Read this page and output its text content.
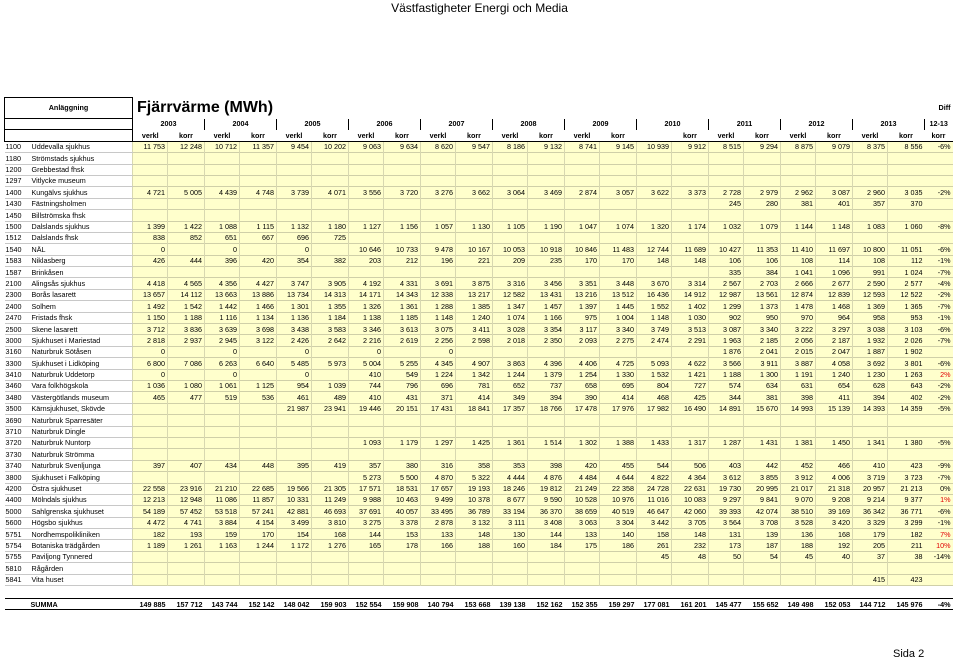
Västfastigheter Energi och Media
Anläggning		Fjärrvärme (MWh)																						Diff
		2003		2004		2005		2006		2007		2008		2009		2010		2011		2012		2013		12-13
		verkl	korr	verkl	korr	verkl	korr	verkl	korr	verkl	korr	verkl	korr	verkl	korr		korr	verkl	korr	verkl	korr	verkl	korr	korr
1100	Uddevalla sjukhus	11 753	12 248	10 712	11 357	9 454	10 202	9 063	9 634	8 620	9 547	8 186	9 132	8 741	9 145	10 939	9 912	8 515	9 294	8 875	9 079	8 375	8 556	-6%
1180	Strömstads sjukhus																							
1200	Grebbestad fhsk																							
1297	Vitlycke museum																							
1400	Kungälvs sjukhus	4 721	5 005	4 439	4 748	3 739	4 071	3 556	3 720	3 276	3 662	3 064	3 469	2 874	3 057	3 622	3 373	2 728	2 979	2 962	3 087	2 960	3 035	-2%
1430	Fästningsholmen																	245	280	381	401	357	370	
1450	Billströmska fhsk																							
1500	Dalslands sjukhus	1 399	1 422	1 088	1 115	1 132	1 180	1 127	1 156	1 057	1 130	1 105	1 190	1 047	1 074	1 320	1 174	1 032	1 079	1 144	1 148	1 083	1 060	-8%
1512	Dalslands fhsk	838	852	651	667	696	725																	
1540	NÄL	0		0		0		10 646	10 733	9 478	10 167	10 053	10 918	10 846	11 483	12 744	11 689	10 427	11 353	11 410	11 697	10 800	11 051	-6%
1583	Niklasberg	426	444	396	420	354	382	203	212	196	221	209	235	170	170	148	148	106	106	108	114	108	112	-1%
1587	Brinkåsen																	335	384	1 041	1 096	991	1 024	-7%
2100	Alingsås sjukhus	4 418	4 565	4 356	4 427	3 747	3 905	4 192	4 331	3 691	3 875	3 316	3 456	3 351	3 448	3 670	3 314	2 567	2 703	2 666	2 677	2 590	2 577	-4%
2300	Borås lasarett	13 657	14 112	13 663	13 886	13 734	14 313	14 171	14 343	12 338	13 217	12 582	13 431	13 216	13 512	16 436	14 912	12 987	13 561	12 874	12 839	12 593	12 522	-2%
2400	Solhem	1 492	1 542	1 442	1 466	1 301	1 355	1 326	1 361	1 288	1 385	1 347	1 457	1 397	1 445	1 552	1 402	1 299	1 373	1 478	1 468	1 369	1 365	-7%
2470	Fristads fhsk	1 150	1 188	1 116	1 134	1 136	1 184	1 138	1 185	1 148	1 240	1 074	1 166	975	1 004	1 148	1 030	902	950	970	964	958	953	-1%
2500	Skene lasarett	3 712	3 836	3 639	3 698	3 438	3 583	3 346	3 613	3 075	3 411	3 028	3 354	3 117	3 340	3 749	3 513	3 087	3 340	3 222	3 297	3 038	3 103	-6%
3000	Sjukhuset i Mariestad	2 818	2 937	2 945	3 122	2 426	2 642	2 216	2 619	2 256	2 598	2 018	2 350	2 093	2 275	2 474	2 291	1 963	2 185	2 056	2 187	1 932	2 026	-7%
3160	Naturbruk Sötåsen	0		0		0		0		0								1 876	2 041	2 015	2 047	1 887	1 902	
3300	Sjukhuset i Lidköping	6 800	7 086	6 263	6 640	5 485	5 973	5 004	5 255	4 345	4 907	3 863	4 396	4 406	4 725	5 093	4 622	3 566	3 911	3 887	4 058	3 692	3 801	-6%
3410	Naturbruk Uddetorp	0		0		0		410	549	1 224	1 342	1 244	1 379	1 254	1 330	1 532	1 421	1 188	1 300	1 191	1 240	1 230	1 263	2%
3460	Vara folkhögskola	1 036	1 080	1 061	1 125	954	1 039	744	796	696	781	652	737	658	695	804	727	574	634	631	654	628	643	-2%
3480	Västergötlands museum	465	477	519	536	461	489	410	431	371	414	349	394	390	414	468	425	344	381	398	411	394	402	-2%
3500	Kärnsjukhuset, Skövde					21 987	23 941	19 446	20 151	17 431	18 841	17 357	18 766	17 478	17 976	17 982	16 490	14 891	15 670	14 993	15 139	14 393	14 359	-5%
3690	Naturbruk Sparresäter																							
3710	Naturbruk Dingle																							
3720	Naturbruk Nuntorp							1 093	1 179	1 297	1 425	1 361	1 514	1 302	1 388	1 433	1 317	1 287	1 431	1 381	1 450	1 341	1 380	-5%
3730	Naturbruk Strömma																							
3740	Naturbruk Svenljunga	397	407	434	448	395	419	357	380	316	358	353	398	420	455	544	506	403	442	452	466	410	423	-9%
3800	Sjukhuset i Falköping							5 273	5 500	4 870	5 322	4 444	4 876	4 484	4 644	4 822	4 364	3 612	3 855	3 912	4 006	3 719	3 723	-7%
4200	Östra sjukhuset	22 558	23 916	21 210	22 685	19 566	21 305	17 571	18 531	17 657	19 193	18 246	19 812	21 249	22 358	24 728	22 631	19 730	20 995	21 017	21 318	20 957	21 213	0%
4400	Mölndals sjukhus	12 213	12 948	11 086	11 857	10 331	11 249	9 988	10 463	9 499	10 378	8 677	9 590	10 528	10 976	11 016	10 083	9 297	9 841	9 070	9 208	9 214	9 377	1%
5000	Sahlgrenska sjukhuset	54 189	57 452	53 518	57 241	42 881	46 693	37 691	40 057	33 495	36 789	33 194	36 370	38 659	40 519	46 647	42 060	39 393	42 074	38 510	39 169	36 342	36 771	-6%
5600	Högsbo sjukhus	4 472	4 741	3 884	4 154	3 499	3 810	3 275	3 378	2 878	3 132	3 111	3 408	3 063	3 304	3 442	3 705	3 564	3 708	3 528	3 420	3 329	3 299	-1%
5751	Nordhemspolikliniken	182	193	159	170	154	168	144	153	133	148	130	144	133	140	158	148	131	139	136	168	179	182	7%
5754	Botaniska trädgården	1 189	1 261	1 163	1 244	1 172	1 276	165	178	166	188	160	184	175	186	261	232	173	187	188	192	205	211	10%
5755	Paviljong Tynnered															45	48	50	54	45	40	37	38	-14%
5810	Rågården																							
5841	Vita huset																					415	423	

SUMMA		149 885	157 712	143 744	152 142	148 042	159 903	152 554	159 908	140 794	153 668	139 138	152 162	152 355	159 297	177 081	161 201	145 477	155 652	149 498	152 053	144 712	145 976	-4%
Sida 2
